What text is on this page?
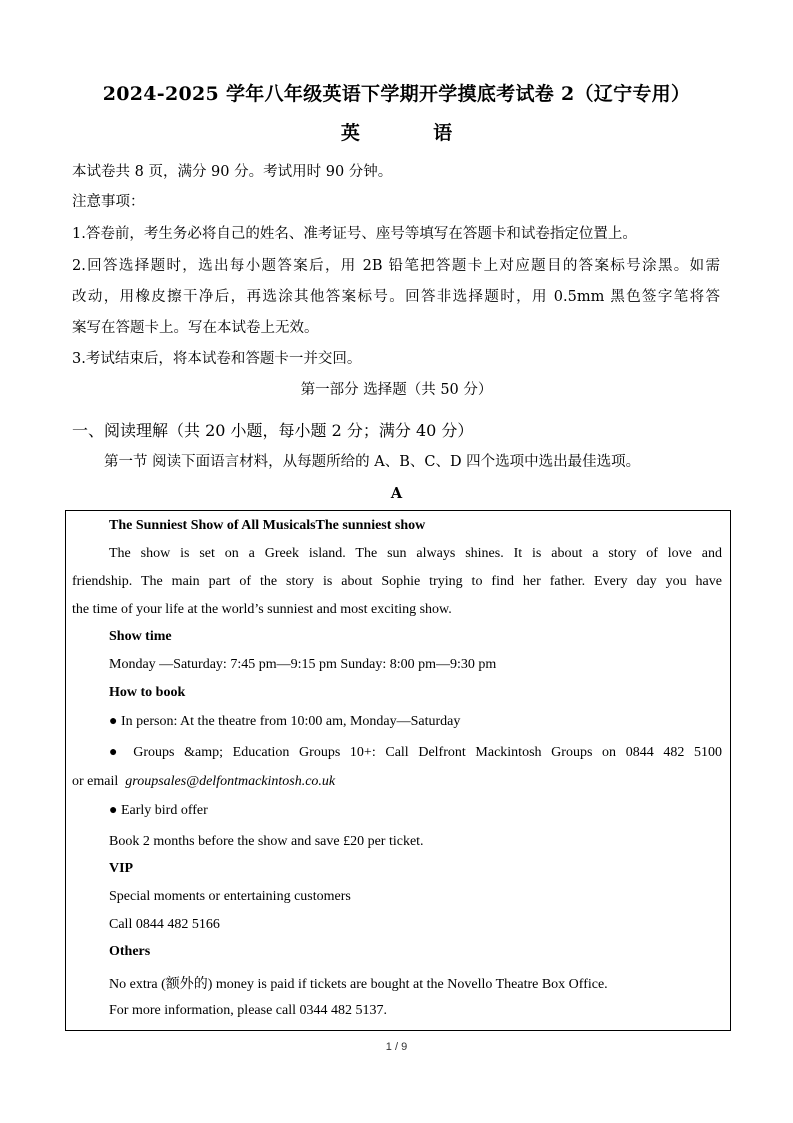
2024-2025 学年八年级英语下学期开学摸底考试卷 2（辽宁专用）
英	语
本试卷共 8 页，满分 90 分。考试用时 90 分钟。
注意事项：
1.答卷前，考生务必将自己的姓名、准考证号、座号等填写在答题卡和试卷指定位置上。
2.回答选择题时，选出每小题答案后，用 2B 铅笔把答题卡上对应题目的答案标号涂黑。如需
改动，用橡皮擦干净后，再选涂其他答案标号。回答非选择题时，用 0.5mm 黑色签字笔将答
案写在答题卡上。写在本试卷上无效。
3.考试结束后，将本试卷和答题卡一并交回。
第一部分 选择题（共 50 分）
一、阅读理解（共 20 小题，每小题 2 分；满分 40 分）
第一节 阅读下面语言材料，从每题所给的 A、B、C、D 四个选项中选出最佳选项。
A
The Sunniest Show of All MusicalsThe sunniest show
The show is set on a Greek island. The sun always shines. It is about a story of love and
friendship. The main part of the story is about Sophie trying to find her father. Every day you have
the time of your life at the world’s sunniest and most exciting show.
Show time
Monday —Saturday: 7:45 pm—9:15 pm Sunday: 8:00 pm—9:30 pm
How to book
● In person: At the theatre from 10:00 am, Monday—Saturday
● Groups &amp; Education Groups 10+: Call Delfront Mackintosh Groups on 0844 482 5100
or email groupsales@delfontmackintosh.co.uk
● Early bird offer
Book 2 months before the show and save £20 per ticket.
VIP
Special moments or entertaining customers
Call 0844 482 5166
Others
No extra (额外的) money is paid if tickets are bought at the Novello Theatre Box Office.
For more information, please call 0344 482 5137.
1 / 9
